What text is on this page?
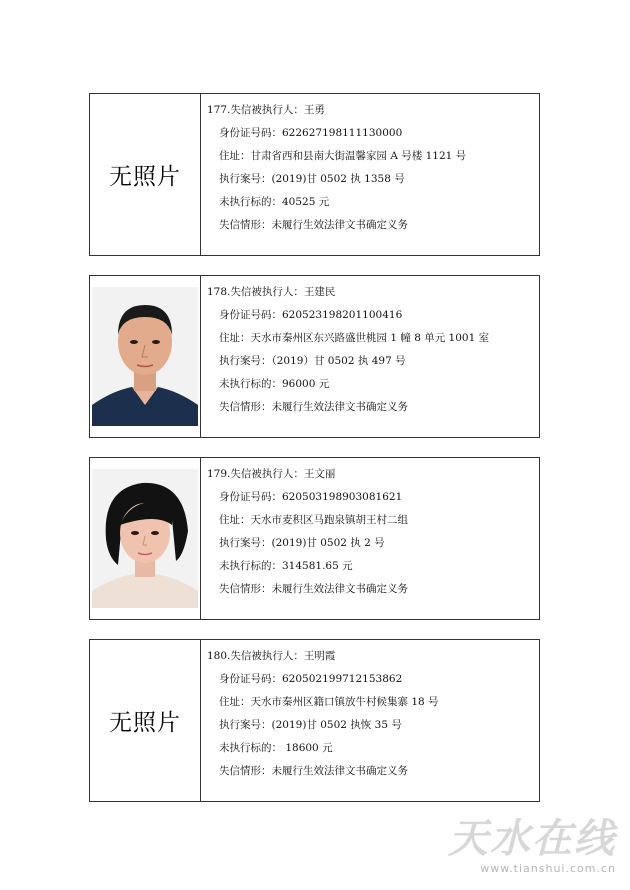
无照片
177.失信被执行人：王勇
身份证号码：622627198111130000
住址：甘肃省西和县南大街温馨家园 A 号楼 1121 号
执行案号：(2019)甘 0502 执 1358 号
未执行标的：40525 元
失信情形：未履行生效法律文书确定义务
178.失信被执行人：王建民
身份证号码：620523198201100416
住址：天水市秦州区东兴路盛世桃园 1 幢 8 单元 1001 室
执行案号：（2019）甘 0502 执 497 号
未执行标的：96000 元
失信情形：未履行生效法律文书确定义务
179.失信被执行人：王文丽
身份证号码：620503198903081621
住址：天水市麦积区马跑泉镇胡王村二组
执行案号：(2019)甘 0502 执 2 号
未执行标的：314581.65 元
失信情形：未履行生效法律文书确定义务
无照片
180.失信被执行人：王明霞
身份证号码：620502199712153862
住址：天水市秦州区籍口镇放牛村候集寨 18 号
执行案号：(2019)甘 0502 执恢 35 号
未执行标的： 18600 元
失信情形：未履行生效法律文书确定义务
天水在线
www.tianshui.com.cn
